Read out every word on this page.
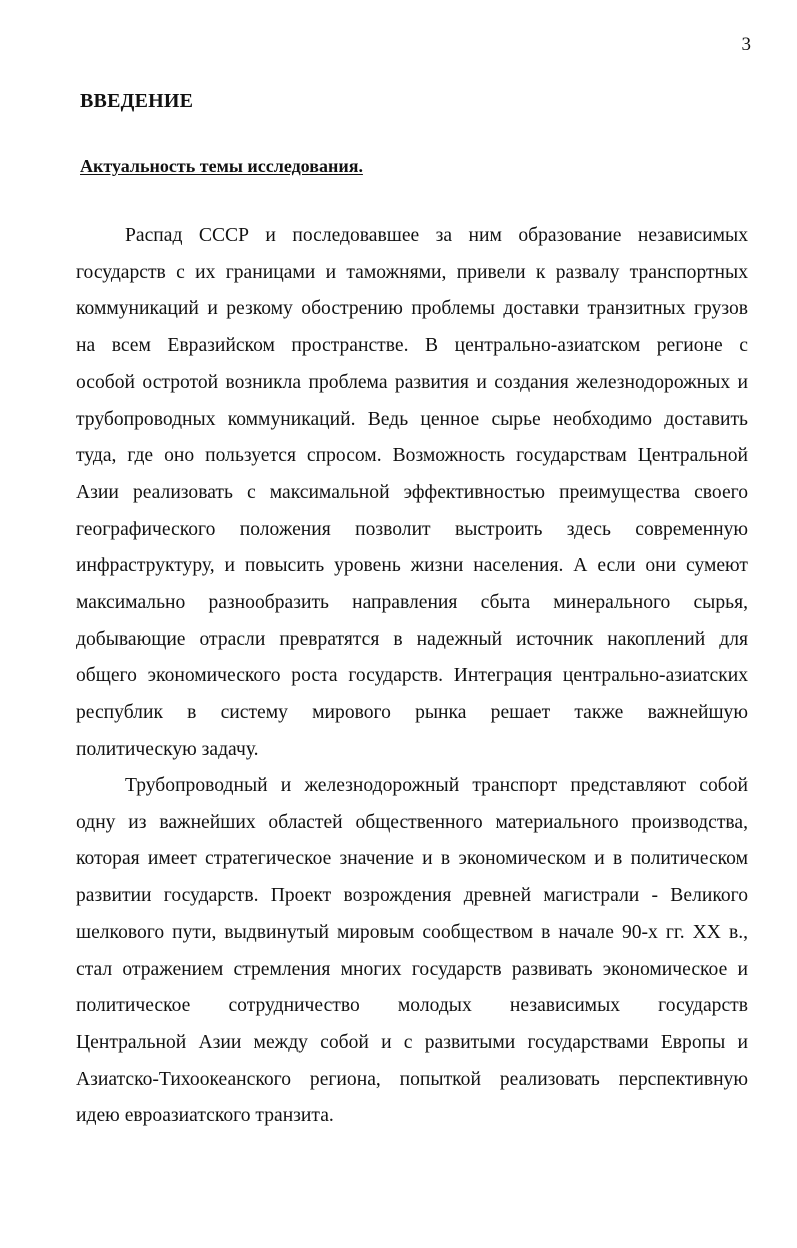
3
ВВЕДЕНИЕ
Актуальность темы исследования.
Распад СССР и последовавшее за ним образование независимых
государств с их границами и таможнями, привели к развалу транспортных
коммуникаций и резкому обострению проблемы доставки транзитных грузов
на всем Евразийском пространстве. В центрально-азиатском регионе с
особой остротой возникла проблема развития и создания железнодорожных и
трубопроводных коммуникаций. Ведь ценное сырье необходимо доставить
туда, где оно пользуется спросом. Возможность государствам Центральной
Азии реализовать с максимальной эффективностью преимущества своего
географического положения позволит выстроить здесь современную
инфраструктуру, и повысить уровень жизни населения. А если они сумеют
максимально разнообразить направления сбыта минерального сырья,
добывающие отрасли превратятся в надежный источник накоплений для
общего экономического роста государств. Интеграция центрально-азиатских
республик в систему мирового рынка решает также важнейшую
политическую задачу.
Трубопроводный и железнодорожный транспорт представляют собой
одну из важнейших областей общественного материального производства,
которая имеет стратегическое значение и в экономическом и в политическом
развитии государств. Проект возрождения древней магистрали - Великого
шелкового пути, выдвинутый мировым сообществом в начале 90-х гг. XX в.,
стал отражением стремления многих государств развивать экономическое и
политическое сотрудничество молодых независимых государств
Центральной Азии между собой и с развитыми государствами Европы и
Азиатско-Тихоокеанского региона, попыткой реализовать перспективную
идею евроазиатского транзита.
